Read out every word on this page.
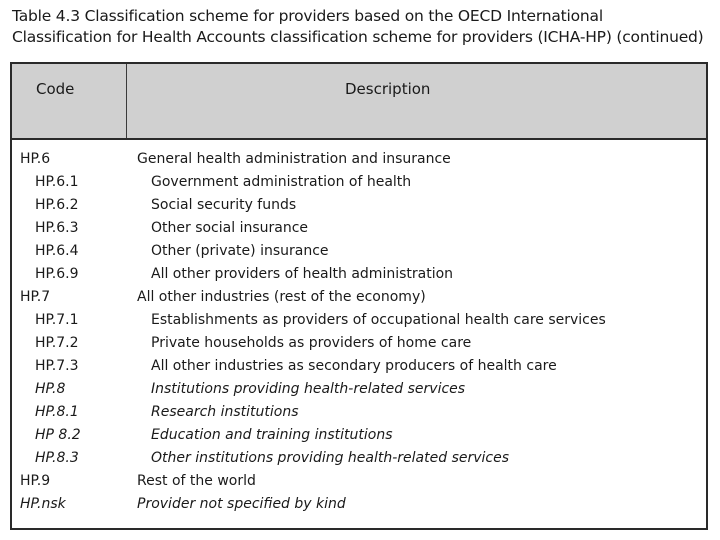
Table 4.3 Classification scheme for providers based on the OECD International
Classification for Health Accounts classification scheme for providers (ICHA-HP) (continued)
Code	Description
HP.6	General health administration and insurance
HP.6.1	Government administration of health
HP.6.2	Social security funds
HP.6.3	Other social insurance
HP.6.4	Other (private) insurance
HP.6.9	All other providers of health administration
HP.7	All other industries (rest of the economy)
HP.7.1	Establishments as providers of occupational health care services
HP.7.2	Private households as providers of home care
HP.7.3	All other industries as secondary producers of health care
HP.8	Institutions providing health-related services
HP.8.1	Research institutions
HP 8.2	Education and training institutions
HP.8.3	Other institutions providing health-related services
HP.9	Rest of the world
HP.nsk	Provider not specified by kind
